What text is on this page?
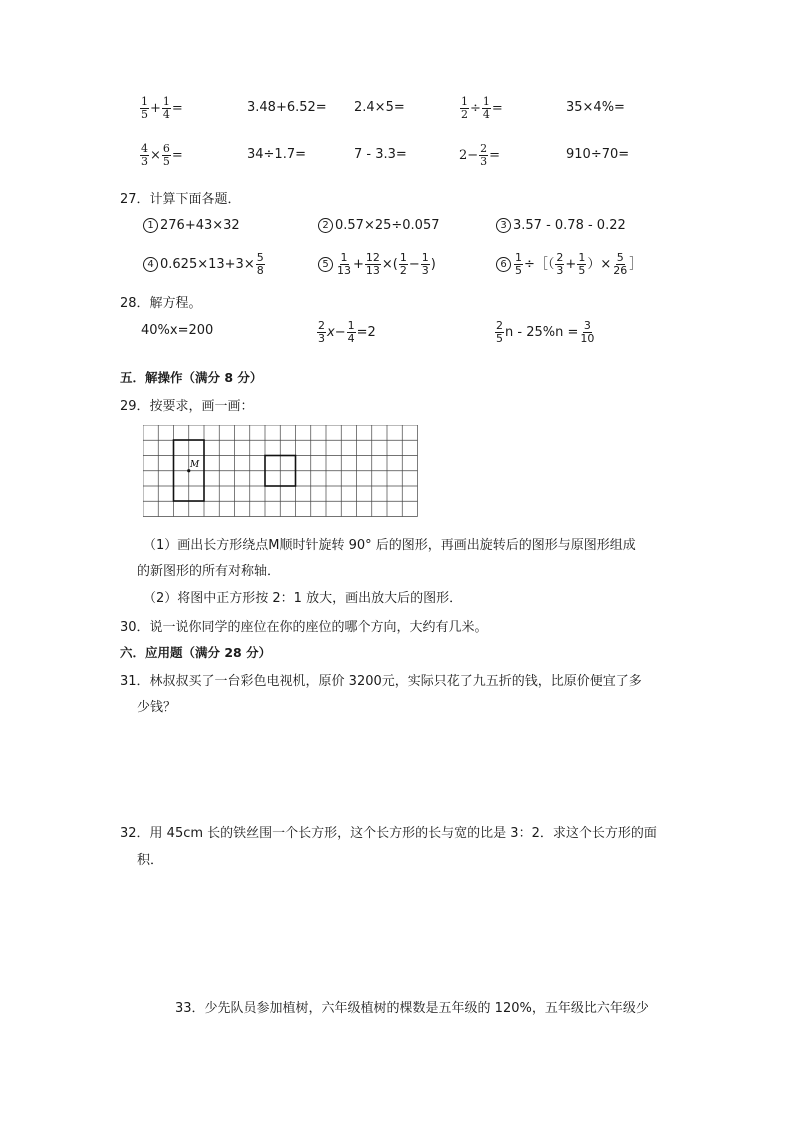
$\frac{1}{5} + \frac{1}{4}$ =	3.48+6.52= 2.4×5=	$\frac{1}{2} \div \frac{1}{4}$ =	35×4%=
$\frac{4}{3} \times \frac{6}{5}$ =	34÷1.7=	7 - 3.3=	$2- \frac{2}{3}$ =	910÷70=
27．计算下面各题．
1 276+43×32	2 0.57×25÷0.057	3 3.57 - 0.78 - 0.22
4 $0.625\times 13+3\times \frac{5}{8}$	$5 \frac{1}{13} + \frac{12}{13}$ ×( $\frac{1}{2} - \frac{1}{3}$ )	$6 \frac{1}{5}$ ÷［（ $\frac{2}{3} + \frac{1}{5}$ ）× $\frac{5}{26}$ ］
28．解方程。
40%x=200	$\frac{2}{3} x- \frac{1}{4} =2$	$\frac{2}{5}$ $n - 25\%n = \frac{3}{10}$
五．解操作（满分 8 分）
29．按要求，画一画：
M
（1）画出长方形绕点M顺时针旋转 90° 后的图形，再画出旋转后的图形与原图形组成
的新图形的所有对称轴．
（2）将图中正方形按 2：1 放大，画出放大后的图形．
30．说一说你同学的座位在你的座位的哪个方向，大约有几米。
六．应用题（满分 28 分）
31．林叔叔买了一台彩色电视机，原价 3200元，实际只花了九五折的钱，比原价便宜了多
少钱？
32．用 45cm 长的铁丝围一个长方形，这个长方形的长与宽的比是 3：2．求这个长方形的面
积．
33．少先队员参加植树，六年级植树的棵数是五年级的 120%，五年级比六年级少
